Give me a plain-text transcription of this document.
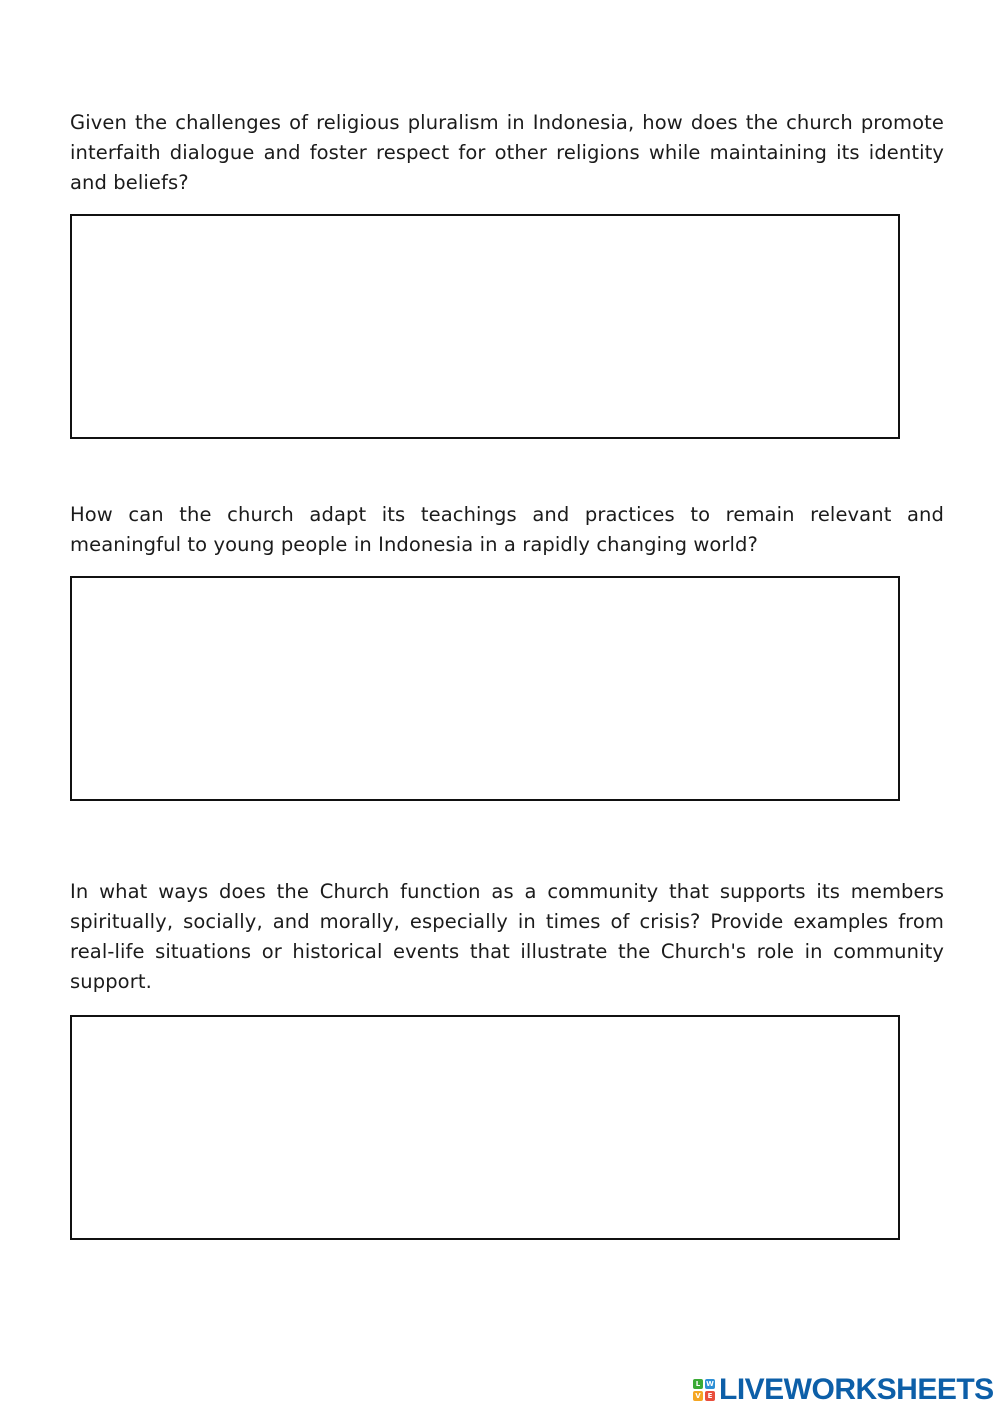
Given the challenges of religious pluralism in Indonesia, how does the church promote interfaith dialogue and foster respect for other religions while maintaining its identity and beliefs?
How can the church adapt its teachings and practices to remain relevant and meaningful to young people in Indonesia in a rapidly changing world?
In what ways does the Church function as a community that supports its members spiritually, socially, and morally, especially in times of crisis? Provide examples from real-life situations or historical events that illustrate the Church's role in community support.
L W
V E LIVEWORKSHEETS
